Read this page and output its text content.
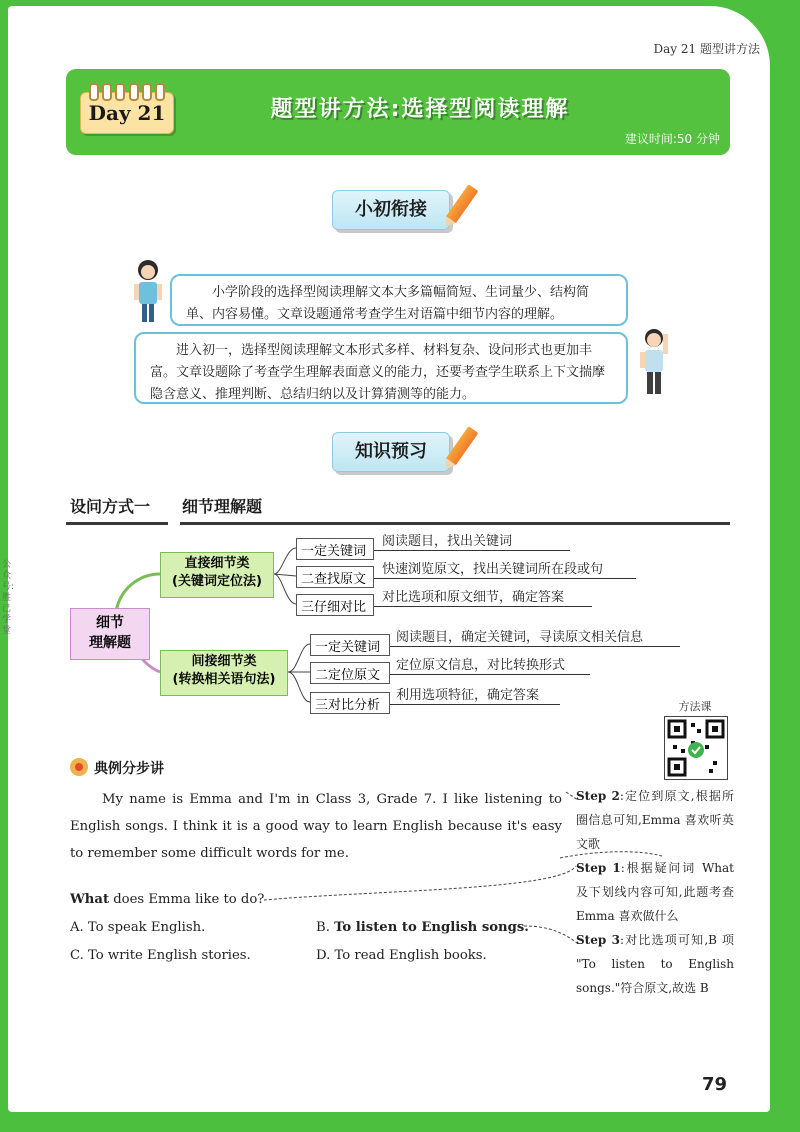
Day 21 题型讲方法
Day 21	题型讲方法:选择型阅读理解
建议时间:50 分钟
小初衔接
小学阶段的选择型阅读理解文本大多篇幅简短、生词量少、结构简单、内容易懂。文章设题通常考查学生对语篇中细节内容的理解。
进入初一，选择型阅读理解文本形式多样、材料复杂、设问形式也更加丰富。文章设题除了考查学生理解表面意义的能力，还要考查学生联系上下文揣摩隐含意义、推理判断、总结归纳以及计算猜测等的能力。
知识预习
设问方式一 细节理解题
细节
理解题
直接细节类
(关键词定位法)
一定关键词
阅读题目，找出关键词
二查找原文
快速浏览原文，找出关键词所在段或句
三仔细对比
对比选项和原文细节，确定答案
间接细节类
(转换相关语句法)
一定关键词
阅读题目，确定关键词，寻读原文相关信息
二定位原文
定位原文信息，对比转换形式
三对比分析
利用选项特征，确定答案
方法课
典例分步讲
My name is Emma and I'm in Class 3, Grade 7. I like listening to English songs. I think it is a good way to learn English because it's easy to remember some difficult words for me.
What does Emma like to do?
A. To speak English.	B. To listen to English songs.
C. To write English stories.	D. To read English books.

Step 2:定位到原文,根据所圈信息可知,Emma 喜欢听英文歌

Step 1:根据疑问词 What 及下划线内容可知,此题考查 Emma 喜欢做什么

Step 3:对比选项可知,B 项 "To listen to English songs."符合原文,故选 B

公众号:胜己学堂
79
